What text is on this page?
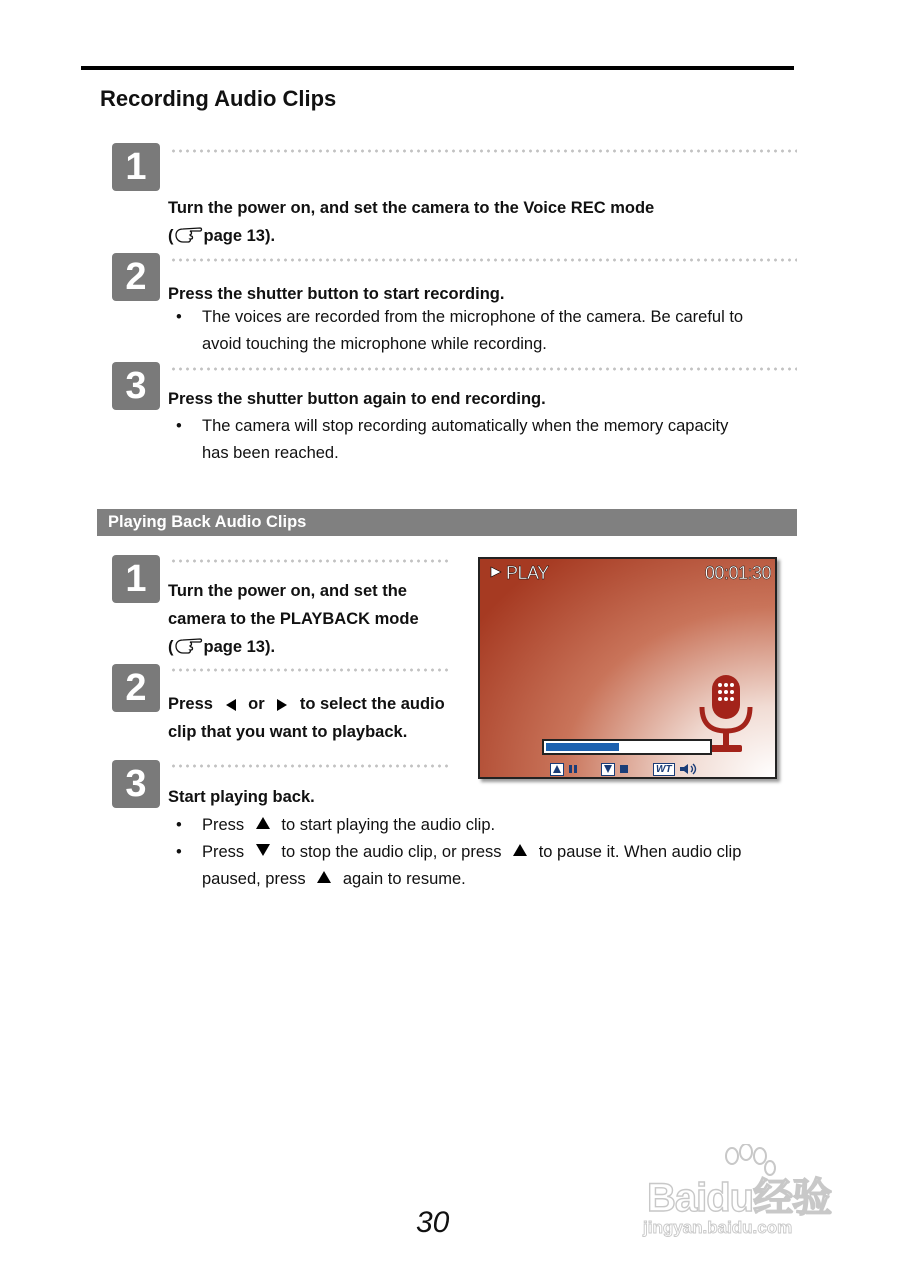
Recording Audio Clips
1
Turn the power on, and set the camera to the Voice REC mode
( page 13).
2	Press the shutter button to start recording.
• The voices are recorded from the microphone of the camera. Be careful to
avoid touching the microphone while recording.
3	Press the shutter button again to end recording.
• The camera will stop recording automatically when the memory capacity
has been reached.
Playing Back Audio Clips
1	Turn the power on, and set the
camera to the PLAYBACK mode
( page 13).
2	Press or to select the audio
clip that you want to playback.
3	Start playing back.
• Press to start playing the audio clip.
• Press to stop the audio clip, or press to pause it. When audio clip
paused, press again to resume.
PLAY	00:01:30
WT
30
Baidu经验
jingyan.baidu.com
